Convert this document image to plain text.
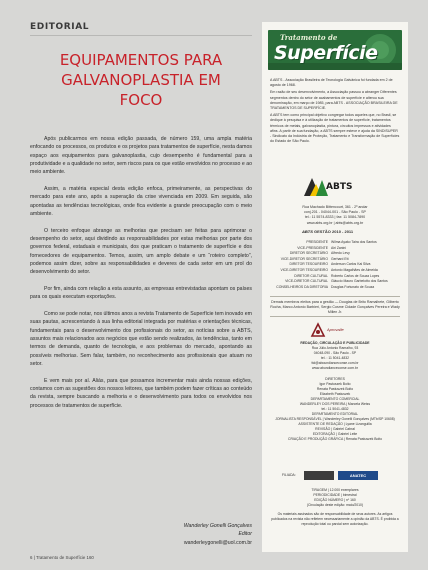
EDITORIAL
EQUIPAMENTOS PARA
GALVANOPLASTIA EM
FOCO

Após publicarmos em nossa edição passada, de número 159, uma ampla matéria enfocando os processos, os produtos e os projetos para tratamentos de superfície, nesta damos espaço aos equipamentos para galvanoplastia, cujo desempenho é fundamental para a produtividade e a qualidade no setor, sem riscos para os que estão envolvidos no processo e ao meio ambiente.

Assim, a matéria especial desta edição enfoca, primeiramente, as perspectivas do mercado para este ano, após a superação da crise vivenciada em 2009. Em seguida, são apontadas as tendências tecnológicas, onde fica evidente a grande preocupação com o meio ambiente.

O terceiro enfoque abrange as melhorias que precisam ser feitas para aprimorar o desempenho do setor, aqui dividindo as responsabilidades por estas melhorias por parte dos governos federal, estaduais e municipais, dos que praticam o tratamento de superfície e dos fornecedores de equipamentos. Temos, assim, um amplo debate e um “roteiro completo”, podemos assim dizer, sobre as responsabilidades e deveres de cada setor em um prol do desenvolvimento do setor.

Por fim, ainda com relação a esta assunto, as empresas entrevistadas apontam os países para os quais executam exportações.

Como se pode notar, nos últimos anos a revista Tratamento de Superfície tem inovado em suas pautas, acrescentando à sua linha editorial integrada por matérias e orientações técnicas, fundamentais para o desenvolvimento dos profissionais do setor, as notícias sobre a ABTS, assuntos mais relacionados aos negócios que estão sendo realizados, às tendências, tanto em termos de demanda, quanto de tecnologia, e aos problemas do mercado, apontando as possíveis melhorias. Sem falar, também, no reconhecimento aos profissionais que atuam no setor.

E vem mais por aí. Aliás, para que possamos incrementar mais ainda nossas edições, contamos com as sugestões dos nossos leitores, que também podem fazer críticas ao conteúdo da revista, sempre buscando a melhoria e o desenvolvimento para todos os envolvidos nos processos de tratamentos de superfície.

Wanderley Gonelli Gonçalves
Editor
wanderleygonelli@uol.com.br
6 | Tratamento de Superfície 160
Tratamento de
Superfície

A ABTS - Associação Brasileira de Tecnologia Galvânica foi fundada em 2 de agosto de 1968.

Em razão de seu desenvolvimento, a Associação passou a abranger Diferentes segmentos dentro do setor de acabamentos de superfície e alterou sua denominação, em março de 1985, para ABTS - ASSOCIAÇÃO BRASILEIRA DE TRATAMENTOS DE SUPERFÍCIE.

A ABTS tem como principal objetivo congregar todos aqueles que, no Brasil, se dedique à pesquisa e à utilização de tratamentos de superfície, tratamentos térmicos de metais, galvanoplastia, pintura, circuitos impressos e atividades afins. A partir de sua fundação, a ABTS sempre esteve e ajuda da SINDISUPER - Sindicato da Indústria de Proteção, Tratamento e Transformação de Superfícies do Estado de São Paulo.

ABTS
Rua Machado Bittencourt, 361 - 2º andar
conj.201 - 04044-001 - São Paulo - SP
tel.: 11 5574-8333 | fax: 11 5084-7890
www.abts.org.br | abts@abts.org.br
ABTS GESTÃO 2010 - 2011
PRESIDENTE Wilma Ayako Taira dos Santos
VICE-PRESIDENTE Airi Zanini
DIRETOR SECRETÁRIO Alfredo Levy
VICE-DIRETOR SECRETÁRIO Gerhard Ett
DIRETOR TESOUREIRO Anderson Carlos Kai Silva
VICE-DIRETOR TESOUREIRO Antonio Magalhães de Almeida
DIRETOR CULTURAL Roberto Carlos de Souza Lopes
VICE-DIRETOR CULTURAL Gláucio Mauro Garbelotto dos Santos
CONSELHEIROS DA DIRETORIA Douglas Fortunato de Souza
Demais membros eleitos para a gestão — Douglas de Brito Ramalhete, Gilberto Rocha, Marco Antonio Barbieri, Sergio Cosme Cidade Gonçalves Pereira e Wady Millen Jr.
Aprovalle
REDAÇÃO, CIRCULAÇÃO E PUBLICIDADE
Rua Júlio Antonio Ramalho, 93
04048-090 - São Paulo - SP
tel. : 11 5041-4832
ttd@aboundianceconse.com.br
www.abundianceconse.com.br
DIRETORES
Igor Pastuszek Boito
Renata Pastuszek Boito
Elizabeth Pastuszek
DEPARTAMENTO COMERCIAL
WANDERLEY DOS PEREIRA | Marcela Weiss
tel.: 11 5041-4832
DEPARTAMENTO EDITORIAL
JORNALISTA RESPONSÁVEL | Wanderley Gonelli Gonçalves (MTb/SP 10608)
ASSISTENTE DE REDAÇÃO | Lyane Lizanguilla
REVISÃO | Gabriel Cabral
EDITORAÇÃO | Gabriel Leite
CRIAÇÃO E PRODUÇÃO GRÁFICA | Renata Pastuszek Boito
FILIADA:	ANATEC
TIRAGEM | 12.000 exemplares
PERIODICIDADE | bimestral
EDIÇÃO NÚMERO | nº 160
(Circulação deste edição: maio/2010)
Os materiais assinados são de responsabilidade de seus autores. As artigos publicados na revista não refletem necessariamente a opinião da ABTS. É proibida a reprodução total ou parcial sem autorização.
